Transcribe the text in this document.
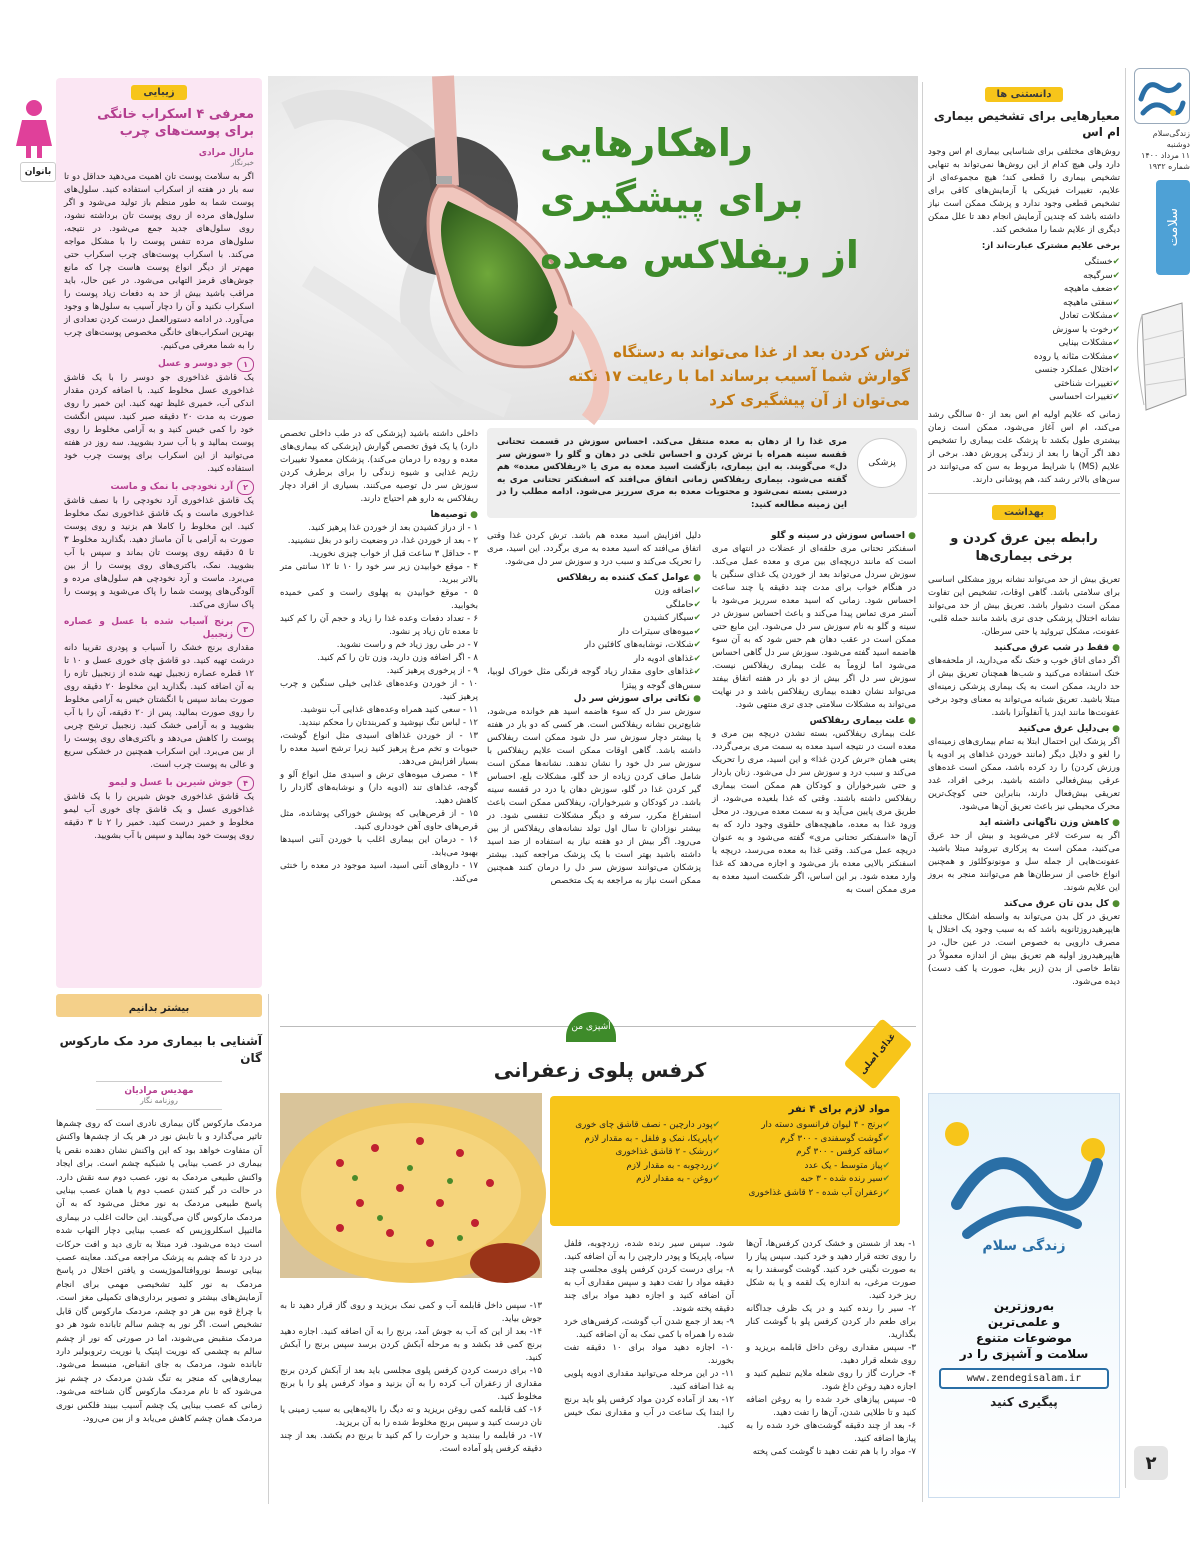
زندگی‌سلام
دوشنبه
۱۱ مرداد ۱۴۰۰
شماره ۱۹۳۲
سلامت
۲
دانستنی ها
معیارهایی برای تشخیص بیماری ام اس

روش‌های مختلفی برای شناسایی بیماری ام اس وجود دارد ولی هیچ کدام از این روش‌ها نمی‌تواند به تنهایی تشخیص بیماری را قطعی کند؛ هیچ مجموعه‌ای از علایم، تغییرات فیزیکی یا آزمایش‌های کافی برای تشخیص قطعی وجود ندارد و پزشک ممکن است نیاز داشته باشد که چندین آزمایش انجام دهد تا علل ممکن دیگری از علایم شما را مشخص کند.

برخی علایم مشترک عبارت‌اند از:

✔ خستگی
✔ سرگیجه
✔ ضعف ماهیچه
✔ سفتی ماهیچه
✔ مشکلات تعادل
✔ رخوت یا سوزش
✔ مشکلات بینایی
✔ مشکلات مثانه یا روده
✔ اختلال عملکرد جنسی
✔ تغییرات شناختی
✔ تغییرات احساسی

زمانی که علایم اولیه ام اس بعد از ۵۰ سالگی رشد می‌کند، ام اس آغاز می‌شود، ممکن است زمان بیشتری طول بکشد تا پزشک علت بیماری را تشخیص دهد اگر آن‌ها را بعد از زندگی پرورش دهد. برخی از علایم (MS) با شرایط مربوط به سن که می‌توانند در سن‌های بالاتر رشد کند، هم پوشانی دارند.

بهداشت
رابطه بین عرق کردن و برخی بیماری‌ها

تعریق بیش از حد می‌تواند نشانه بروز مشکلی اساسی برای سلامتی باشد. گاهی اوقات، تشخیص این تفاوت ممکن است دشوار باشد. تعریق بیش از حد می‌تواند نشانه اختلال پزشکی جدی تری باشد مانند حمله قلبی، عفونت، مشکل تیروئید یا حتی سرطان.

● فقط در شب عرق می‌کنید

اگر دمای اتاق خوب و خنک نگه می‌دارید، از ملحفه‌های خنک استفاده می‌کنید و شب‌ها همچنان تعریق بیش از حد دارید، ممکن است به یک بیماری پزشکی زمینه‌ای مبتلا باشید. تعریق شبانه می‌تواند به معنای وجود برخی عفونت‌ها مانند ایدز یا آنفلوآنزا باشد.

● بی‌دلیل عرق می‌کنید

اگر پزشک این احتمال ابتلا به تمام بیماری‌های زمینه‌ای را لغو و دلایل دیگر (مانند خوردن غذاهای پر ادویه یا ورزش کردن) را رد کرده باشد، ممکن است غده‌های عرقی بیش‌فعالی داشته باشید. برخی افراد، غدد تعریقی بیش‌فعال دارند، بنابراین حتی کوچک‌ترین محرک محیطی نیز باعث تعریق آن‌ها می‌شود.

● کاهش وزن ناگهانی داشته اید

اگر به سرعت لاغر می‌شوید و بیش از حد عرق می‌کنید، ممکن است به پرکاری تیروئید مبتلا باشید. عفونت‌هایی از جمله سل و مونونوکلئوز و همچنین انواع خاصی از سرطان‌ها هم می‌توانند منجر به بروز این علایم شوند.

● کل بدن تان عرق می‌کند

تعریق در کل بدن می‌تواند به واسطه اشکال مختلف هایپرهیدروزثانویه باشد که به سبب وجود یک اختلال یا مصرف دارویی به خصوص است. در عین حال، در هایپرهیدروز اولیه هم تعریق بیش از اندازه معمولاً در نقاط خاصی از بدن (زیر بغل، صورت یا کف دست) دیده می‌شود.

زندگی سلام
به‌روزترین
و علمی‌ترین
موضوعات متنوع
سلامت و آشپزی را در
www.zendegisalam.ir
پیگیری کنید
راهکارهایی
برای پیشگیری
از ریفلاکس معده
ترش کردن بعد از غذا می‌تواند به دستگاه گوارش شما آسیب برساند اما با رعایت ۱۷ نکته می‌توان از آن پیشگیری کرد
پزشکی
مری غذا را از دهان به معده منتقل می‌کند. احساس سوزش در قسمت تحتانی قفسه سینه همراه با ترش کردن و احساس تلخی در دهان و گلو را «سوزش سر دل» می‌گویند. به این بیماری، بازگشت اسید معده به مری یا «ریفلاکس معده» هم گفته می‌شود. بیماری ریفلاکس زمانی اتفاق می‌افتد که اسفنکتر تحتانی مری به درستی بسته نمی‌شود و محتویات معده به مری سرریز می‌شود. ادامه مطلب را در این زمینه مطالعه کنید:
● احساس سوزش در سینه و گلو

اسفنکتر تحتانی مری حلقه‌ای از عضلات در انتهای مری است که مانند دریچه‌ای بین مری و معده عمل می‌کند. سوزش سردل می‌تواند بعد از خوردن یک غذای سنگین یا در هنگام خواب برای مدت چند دقیقه یا چند ساعت احساس شود. زمانی که اسید معده سرریز می‌شود با آستر مری تماس پیدا می‌کند و باعث احساس سوزش در سینه و گلو به نام سوزش سر دل می‌شود. این مایع حتی ممکن است در عقب دهان هم حس شود که به آن سوء هاضمه اسید گفته می‌شود. سوزش سر دل گاهی احساس می‌شود اما لزوماً به علت بیماری ریفلاکس نیست. سوزش سر دل اگر بیش از دو بار در هفته اتفاق بیفتد می‌تواند نشان دهنده بیماری ریفلاکس باشد و در نهایت می‌تواند به مشکلات سلامتی جدی تری منتهی شود.

● علت بیماری ریفلاکس

علت بیماری ریفلاکس، بسته نشدن دریچه بین مری و معده است در نتیجه اسید معده به سمت مری برمی‌گردد. یعنی همان «ترش کردن غذا» و این اسید، مری را تحریک می‌کند و سبب درد و سوزش سر دل می‌شود. زنان باردار و حتی شیرخواران و کودکان هم ممکن است بیماری ریفلاکس داشته باشند. وقتی که غذا بلعیده می‌شود، از طریق مری پایین می‌آید و به سمت معده می‌رود. در محل ورود غذا به معده، ماهیچه‌های حلقوی وجود دارد که به آن‌ها «اسفنکتر تحتانی مری» گفته می‌شود و به عنوان دریچه عمل می‌کند. وقتی غذا به معده می‌رسد، دریچه یا اسفنکتر بالایی معده باز می‌شود و اجازه می‌دهد که غذا وارد معده شود. بر این اساس، اگر شکست اسید معده به مری ممکن است به

دلیل افزایش اسید معده هم باشد. ترش کردن غذا وقتی اتفاق می‌افتد که اسید معده به مری برگردد. این اسید، مری را تحریک می‌کند و سبب درد و سوزش سر دل می‌شود.

● عوامل کمک کننده به ریفلاکس
✔ اضافه وزن
✔ حاملگی
✔ سیگار کشیدن
✔ میوه‌های سیترات دار
✔ شکلات، نوشابه‌های کافئین دار
✔ غذاهای ادویه دار
✔ غذاهای حاوی مقدار زیاد گوجه فرنگی مثل خوراک لوبیا، سس‌های گوجه و پیتزا
● نکاتی برای سوزش سر دل

سوزش سر دل که سوء هاضمه اسید هم خوانده می‌شود، شایع‌ترین نشانه ریفلاکس است. هر کسی که دو بار در هفته یا بیشتر دچار سوزش سر دل شود ممکن است ریفلاکس داشته باشد. گاهی اوقات ممکن است علایم ریفلاکس با سوزش سر دل خود را نشان ندهند. نشانه‌ها ممکن است شامل صاف کردن زیاده از حد گلو، مشکلات بلع، احساس گیر کردن غذا در گلو، سوزش دهان یا درد در قفسه سینه باشد. در کودکان و شیرخواران، ریفلاکس ممکن است باعث استفراغ مکرر، سرفه و دیگر مشکلات تنفسی شود. در بیشتر نوزادان تا سال اول تولد نشانه‌های ریفلاکس از بین می‌رود. اگر بیش از دو هفته نیاز به استفاده از ضد اسید داشته باشید بهتر است با یک پزشک مراجعه کنید. بیشتر پزشکان می‌توانند سوزش سر دل را درمان کنند همچنین ممکن است نیاز به مراجعه به یک متخصص

داخلی داشته باشید (پزشکی که در طب داخلی تخصص دارد) یا یک فوق تخصص گوارش (پزشکی که بیماری‌های معده و روده را درمان می‌کند). پزشکان معمولا تغییرات رژیم غذایی و شیوه زندگی را برای برطرف کردن سوزش سر دل توصیه می‌کنند. بسیاری از افراد دچار ریفلاکس به دارو هم احتیاج دارند.

● توصیه‌ها
۱ - از دراز کشیدن بعد از خوردن غذا پرهیز کنید.
۲ - بعد از خوردن غذا، در وضعیت زانو در بغل ننشینید.
۳ - حداقل ۳ ساعت قبل از خواب چیزی نخورید.
۴ - موقع خوابیدن زیر سر خود را ۱۰ تا ۱۲ سانتی متر بالاتر ببرید.
۵ - موقع خوابیدن به پهلوی راست و کمی خمیده بخوابید.
۶ - تعداد دفعات وعده غذا را زیاد و حجم آن را کم کنید تا معده تان زیاد پر نشود.
۷ - در طی روز زیاد خم و راست نشوید.
۸ - اگر اضافه وزن دارید، وزن تان را کم کنید.
۹ - از پرخوری پرهیز کنید.
۱۰ - از خوردن وعده‌های غذایی خیلی سنگین و چرب پرهیز کنید.
۱۱ - سعی کنید همراه وعده‌های غذایی آب ننوشید.
۱۲ - لباس تنگ نپوشید و کمربندتان را محکم نبندید.
۱۳ - از خوردن غذاهای اسیدی مثل انواع گوشت، حبوبات و تخم مرغ پرهیز کنید زیرا ترشح اسید معده را بسیار افزایش می‌دهد.
۱۴ - مصرف میوه‌های ترش و اسیدی مثل انواع آلو و گوجه، غذاهای تند (ادویه دار) و نوشابه‌های گازدار را کاهش دهید.
۱۵ - از قرص‌هایی که پوشش خوراکی پوشانده، مثل قرص‌های حاوی آهن خودداری کنید.
۱۶ - درمان این بیماری اغلب با خوردن آنتی اسیدها بهبود می‌یابد.
۱۷ - داروهای آنتی اسید، اسید موجود در معده را خنثی می‌کند.
زیبایی
بانوان
معرفی ۴ اسکراب خانگی برای پوست‌های چرب
مارال مرادی
خبرنگار

اگر به سلامت پوست تان اهمیت می‌دهید حداقل دو تا سه بار در هفته از اسکراب استفاده کنید. سلول‌های پوست شما به طور منظم باز تولید می‌شود و اگر سلول‌های مرده از روی پوست تان برداشته نشود، روی سلول‌های جدید جمع می‌شود. در نتیجه، سلول‌های مرده تنفس پوست را با مشکل مواجه می‌کند. با اسکراب پوست‌های چرب اسکراب حتی مهم‌تر از دیگر انواع پوست هاست چرا که مانع جوش‌های قرمز التهابی می‌شود. در عین حال، باید مراقب باشید بیش از حد به دفعات زیاد پوست را اسکراب نکنید و آن را دچار آسیب به سلول‌ها و وجود می‌آورد. در ادامه دستورالعمل درست کردن تعدادی از بهترین اسکراب‌های خانگی مخصوص پوست‌های چرب را به شما معرفی می‌کنیم.

۱
جو دوسر و عسل

یک قاشق غذاخوری جو دوسر را با یک قاشق غذاخوری عسل مخلوط کنید. با اضافه کردن مقدار اندکی آب، خمیری غلیظ تهیه کنید. این خمیر را روی صورت به مدت ۲۰ دقیقه صبر کنید. سپس انگشت خود را کمی خیس کنید و به آرامی مخلوط را روی پوست بمالید و با آب سرد بشویید. سه روز در هفته می‌توانید از این اسکراب برای پوست چرب خود استفاده کنید.

۲
آرد نخودچی با نمک و ماست

یک قاشق غذاخوری آرد نخودچی را با نصف قاشق غذاخوری ماست و یک قاشق غذاخوری نمک مخلوط کنید. این مخلوط را کاملا هم بزنید و روی پوست صورت به آرامی با آن ماساژ دهید. بگذارید مخلوط ۳ تا ۵ دقیقه روی پوست تان بماند و سپس با آب بشویید. نمک، باکتری‌های روی پوست را از بین می‌برد. ماست و آرد نخودچی هم سلول‌های مرده و آلودگی‌های پوست شما را پاک می‌شوید و پوست را پاک سازی می‌کند.

۳
برنج آسیاب شده با عسل و عصاره زنجبیل

مقداری برنج خشک را آسیاب و پودری تقریبا دانه درشت تهیه کنید. دو قاشق چای خوری عسل و ۱۰ تا ۱۲ قطره عصاره زنجبیل تهیه شده از زنجبیل تازه را به آن اضافه کنید. بگذارید این مخلوط ۲۰ دقیقه روی صورت بماند سپس با انگشتان خیس به آرامی مخلوط را روی صورت بمالید. پس از ۲۰ دقیقه، آن را با آب بشویید و به آرامی خشک کنید. زنجبیل ترشح چربی پوست را کاهش می‌دهد و باکتری‌های روی پوست را از بین می‌برد. این اسکراب همچنین در خشکی سریع و عالی به پوست چرب است.

۴
جوش شیرین با عسل و لیمو

یک قاشق غذاخوری جوش شیرین را با یک قاشق غذاخوری عسل و یک قاشق چای خوری آب لیمو مخلوط و خمیر درست کنید. خمیر را ۲ تا ۳ دقیقه روی پوست خود بمالید و سپس با آب بشویید.

بیشتر بدانیم
آشنایی با بیماری مرد مک مارکوس گان
مهدیس مرادیان
روزنامه نگار
مردمک مارکوس گان بیماری نادری است که روی چشم‌ها تاثیر می‌گذارد و با تابش نور در هر یک از چشم‌ها واکنش آن متفاوت خواهد بود که این واکنش نشان دهنده نقص یا بیماری در عصب بینایی یا شبکیه چشم است. برای ایجاد واکنش طبیعی مردمک به نور، عصب دوم سه نقش دارد. در حالت در گیر کنندن عصب دوم یا همان عصب بینایی پاسخ طبیعی مردمک به نور مختل می‌شود که به آن مردمک مارکوس گان می‌گویند. این حالت اغلب در بیماری مالتیپل اسکلروزیس که عصب بینایی دچار التهاب شده است دیده می‌شود. فرد مبتلا به تاری دید و افت حرکات در درد تا که چشم به پزشک مراجعه می‌کند. معاینه عصب بینایی توسط نوروافتالموژیست و یافتن اختلال در پاسخ مردمک به نور کلید تشخیصی مهمی برای انجام آزمایش‌های بیشتر و تصویر برداری‌های تکمیلی مغز است. با چراغ قوه بین هر دو چشم، مردمک مارکوس گان قابل تشخیص است. اگر نور به چشم سالم تابانده شود هر دو مردمک منقبض می‌شوند، اما در صورتی که نور از چشم سالم به چشمی که نوریت اپتیک یا نوریت رتروبولبر دارد تابانده شود، مردمک به جای انقباض، منبسط می‌شود. بیماری‌هایی که منجر به تنگ شدن مردمک در چشم نیز می‌شود که تا نام مردمک مارکوس گان شناخته می‌شود. زمانی که عصب بینایی یک چشم آسیب ببیند فلکس نوری مردمک همان چشم کاهش می‌یابد و از بین می‌رود.
آشپزی من
غذای اصلی
کرفس پلوی زعفرانی
مواد لازم برای ۴ نفر
✔ برنج - ۴ لیوان فرانسوی دسته دار
✔ گوشت گوسفندی - ۳۰۰ گرم
✔ ساقه کرفس - ۳۰۰ گرم
✔ پیاز متوسط - یک عدد
✔ سیر رنده شده - ۳ حبه
✔ زعفران آب شده - ۲ قاشق غذاخوری
✔ پودر دارچین - نصف قاشق چای خوری
✔ پاپریکا، نمک و فلفل - به مقدار لازم
✔ زرشک - ۲ قاشق غذاخوری
✔ زردچوبه - به مقدار لازم
✔ روغن - به مقدار لازم
۱- بعد از شستن و خشک کردن کرفس‌ها، آن‌ها را روی تخته قرار دهید و خرد کنید. سپس پیاز را به صورت نگینی خرد کنید. گوشت گوسفند را به صورت مرغی، به اندازه یک لقمه و یا به شکل ریز خرد کنید.
۲- سیر را رنده کنید و در یک ظرف جداگانه برای طعم دار کردن کرفس پلو با گوشت کنار بگذارید.
۳- سپس مقداری روغن داخل قابلمه بریزید و روی شعله قرار دهید.
۴- حرارت گاز را روی شعله ملایم تنظیم کنید و اجازه دهید روغن داغ شود.
۵- سپس پیازهای خرد شده را به روغن اضافه کنید و تا طلایی شدن، آن‌ها را تفت دهید.
۶- بعد از چند دقیقه گوشت‌های خرد شده را به پیازها اضافه کنید.
۷- مواد را با هم تفت دهید تا گوشت کمی پخته
شود. سپس سیر رنده شده، زردچوبه، فلفل سیاه، پاپریکا و پودر دارچین را به آن اضافه کنید.
۸- برای درست کردن کرفس پلوی مجلسی چند دقیقه مواد را تفت دهید و سپس مقداری آب به آن اضافه کنید و اجازه دهید مواد برای چند دقیقه پخته شوند.
۹- بعد از جمع شدن آب گوشت، کرفس‌های خرد شده را همراه با کمی نمک به آن اضافه کنید.
۱۰- اجازه دهید مواد برای ۱۰ دقیقه تفت بخورند.
۱۱- در این مرحله می‌توانید مقداری ادویه پلویی به غذا اضافه کنید.
۱۲- بعد از آماده کردن مواد کرفس پلو باید برنج را ابتدا یک ساعت در آب و مقداری نمک خیس کنید.
۱۳- سپس داخل قابلمه آب و کمی نمک بریزید و روی گاز قرار دهید تا به جوش بیاید.
۱۴- بعد از این که آب به جوش آمد، برنج را به آن اضافه کنید. اجازه دهید برنج کمی قد بکشد و به مرحله آبکش کردن برسد سپس برنج را آبکش کنید.
۱۵- برای درست کردن کرفس پلوی مجلسی باید بعد از آبکش کردن برنج مقداری از زعفران آب کرده را به آن بزنید و مواد کرفس پلو را با برنج مخلوط کنید.
۱۶- کف قابلمه کمی روغن بریزید و ته دیگ را بالایه‌هایی به سبب زمینی یا نان درست کنید و سپس برنج مخلوط شده را به آن بریزید.
۱۷- در قابلمه را ببندید و حرارت را کم کنید تا برنج دم بکشد. بعد از چند دقیقه کرفس پلو آماده است.
